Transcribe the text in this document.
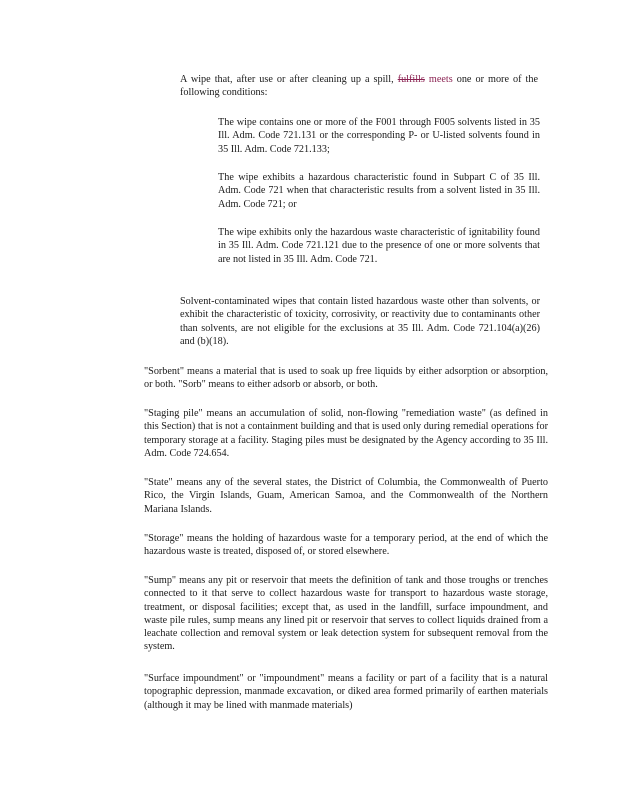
A wipe that, after use or after cleaning up a spill, fulfills meets one or more of the following conditions:

The wipe contains one or more of the F001 through F005 solvents listed in 35 Ill. Adm. Code 721.131 or the corresponding P- or U-listed solvents found in 35 Ill. Adm. Code 721.133;

The wipe exhibits a hazardous characteristic found in Subpart C of 35 Ill. Adm. Code 721 when that characteristic results from a solvent listed in 35 Ill. Adm. Code 721; or

The wipe exhibits only the hazardous waste characteristic of ignitability found in 35 Ill. Adm. Code 721.121 due to the presence of one or more solvents that are not listed in 35 Ill. Adm. Code 721.

Solvent-contaminated wipes that contain listed hazardous waste other than solvents, or exhibit the characteristic of toxicity, corrosivity, or reactivity due to contaminants other than solvents, are not eligible for the exclusions at 35 Ill. Adm. Code 721.104(a)(26) and (b)(18).

"Sorbent" means a material that is used to soak up free liquids by either adsorption or absorption, or both. "Sorb" means to either adsorb or absorb, or both.

"Staging pile" means an accumulation of solid, non-flowing "remediation waste" (as defined in this Section) that is not a containment building and that is used only during remedial operations for temporary storage at a facility. Staging piles must be designated by the Agency according to 35 Ill. Adm. Code 724.654.

"State" means any of the several states, the District of Columbia, the Commonwealth of Puerto Rico, the Virgin Islands, Guam, American Samoa, and the Commonwealth of the Northern Mariana Islands.

"Storage" means the holding of hazardous waste for a temporary period, at the end of which the hazardous waste is treated, disposed of, or stored elsewhere.

"Sump" means any pit or reservoir that meets the definition of tank and those troughs or trenches connected to it that serve to collect hazardous waste for transport to hazardous waste storage, treatment, or disposal facilities; except that, as used in the landfill, surface impoundment, and waste pile rules, sump means any lined pit or reservoir that serves to collect liquids drained from a leachate collection and removal system or leak detection system for subsequent removal from the system.

"Surface impoundment" or "impoundment" means a facility or part of a facility that is a natural topographic depression, manmade excavation, or diked area formed primarily of earthen materials (although it may be lined with manmade materials)
